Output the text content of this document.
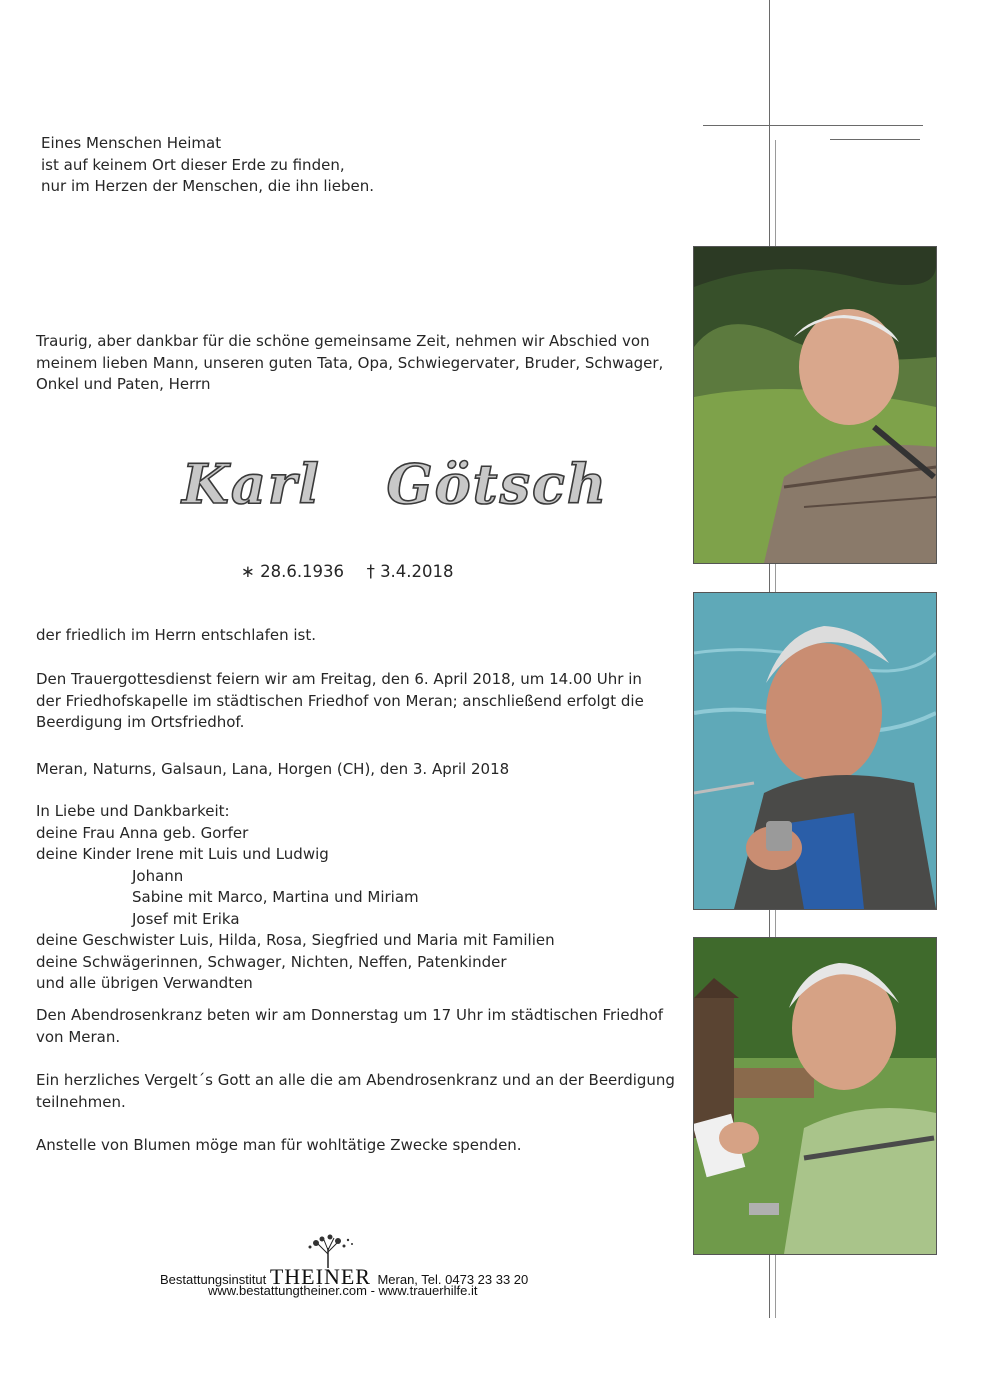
Eines Menschen Heimat
ist auf keinem Ort dieser Erde zu finden,
nur im Herzen der Menschen, die ihn lieben.
Traurig, aber dankbar für die schöne gemeinsame Zeit, nehmen wir Abschied von
meinem lieben Mann, unseren guten Tata, Opa, Schwiegervater, Bruder, Schwager,
Onkel und Paten, Herrn
Karl Götsch
∗ 28.6.1936 † 3.4.2018
der friedlich im Herrn entschlafen ist.
Den Trauergottesdienst feiern wir am Freitag, den 6. April 2018, um 14.00 Uhr in
der Friedhofskapelle im städtischen Friedhof von Meran; anschließend erfolgt die
Beerdigung im Ortsfriedhof.
Meran, Naturns, Galsaun, Lana, Horgen (CH), den 3. April 2018
In Liebe und Dankbarkeit:
deine Frau Anna geb. Gorfer
deine Kinder Irene mit Luis und Ludwig
Johann
Sabine mit Marco, Martina und Miriam
Josef mit Erika
deine Geschwister Luis, Hilda, Rosa, Siegfried und Maria mit Familien
deine Schwägerinnen, Schwager, Nichten, Neffen, Patenkinder
und alle übrigen Verwandten
Den Abendrosenkranz beten wir am Donnerstag um 17 Uhr im städtischen Friedhof
von Meran.
Ein herzliches Vergelt´s Gott an alle die am Abendrosenkranz und an der Beerdigung
teilnehmen.
Anstelle von Blumen möge man für wohltätige Zwecke spenden.
Bestattungsinstitut THEINER Meran, Tel. 0473 23 33 20
www.bestattungtheiner.com - www.trauerhilfe.it
